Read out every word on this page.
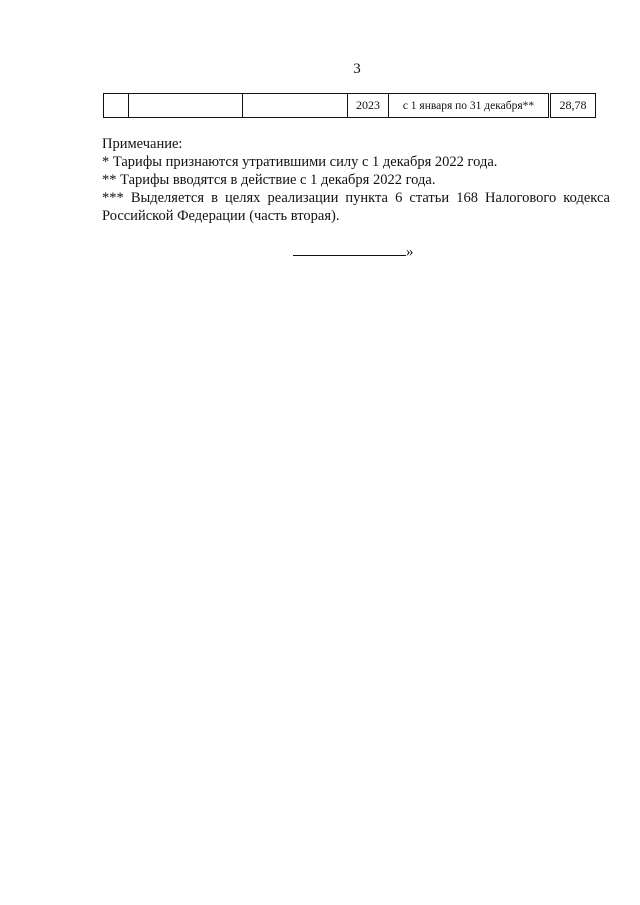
3
			2023	с 1 января по 31 декабря**	28,78

Примечание:

* Тарифы признаются утратившими силу с 1 декабря 2022 года.

** Тарифы вводятся в действие с 1 декабря 2022 года.

*** Выделяется в целях реализации пункта 6 статьи 168 Налогового кодекса Российской Федерации (часть вторая).

»
